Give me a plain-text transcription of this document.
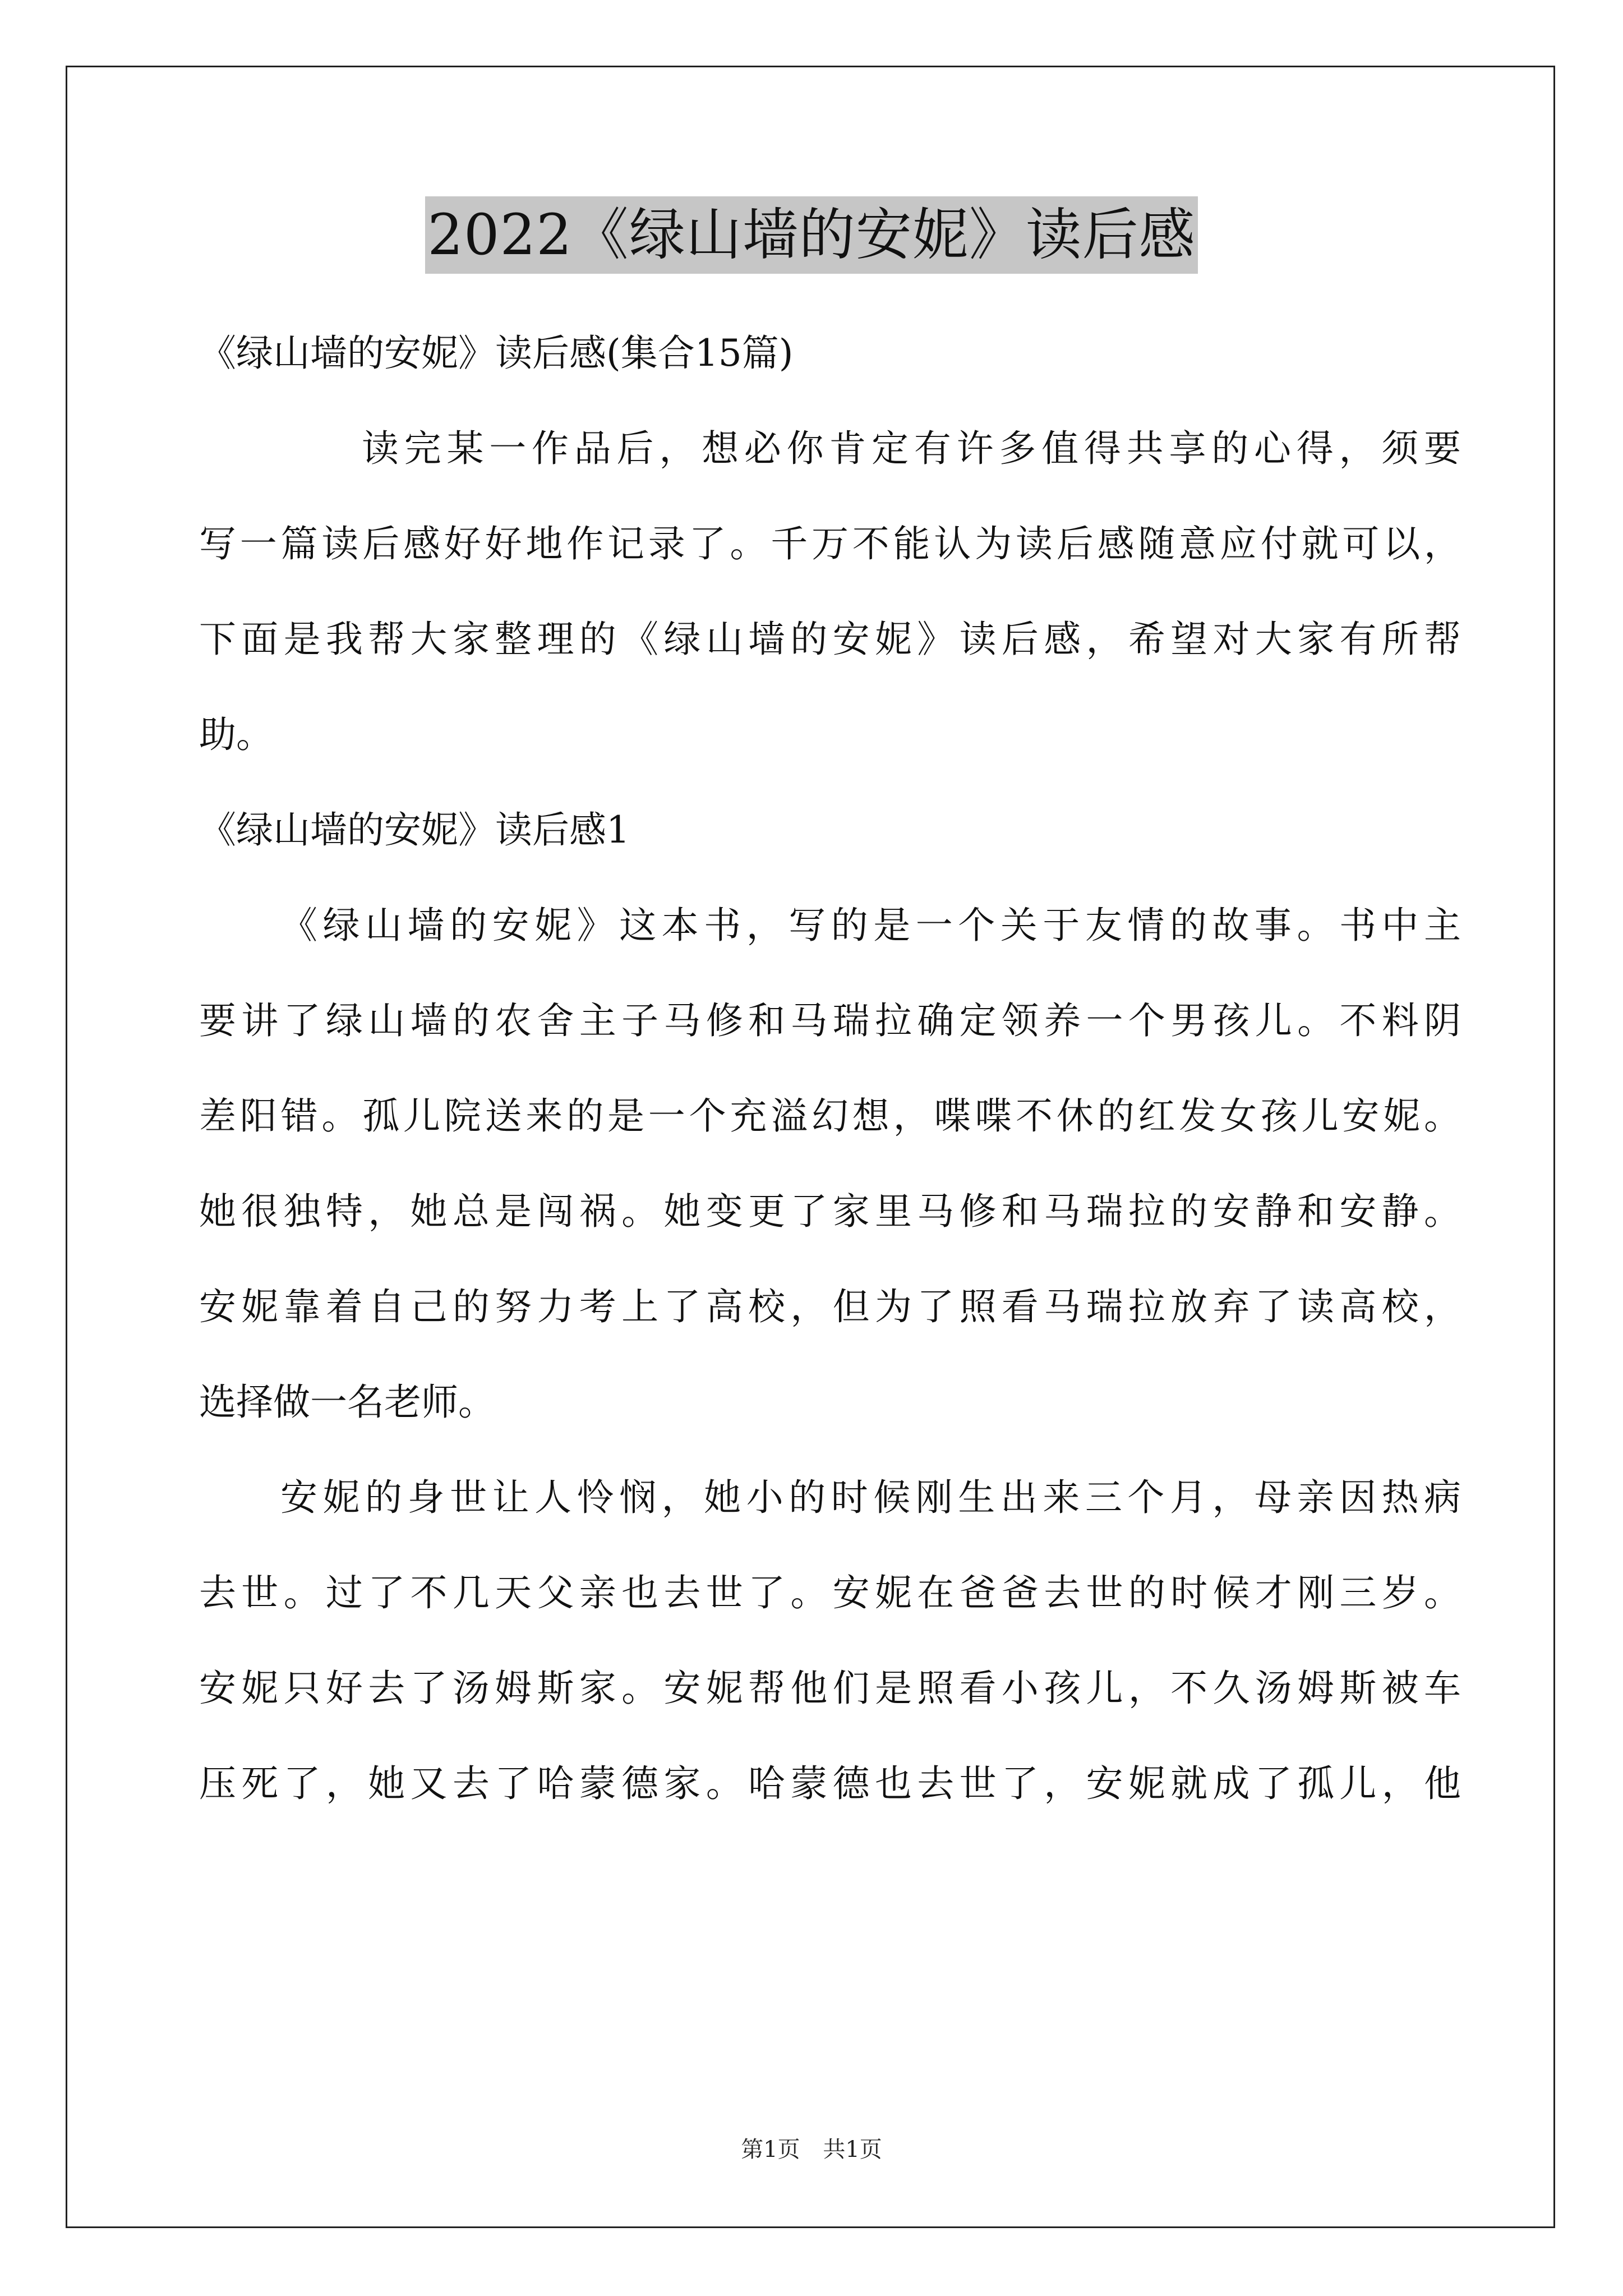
2022《绿山墙的安妮》读后感
《绿山墙的安妮》读后感(集合15篇)
读完某一作品后，想必你肯定有许多值得共享的心得，须要
写一篇读后感好好地作记录了。千万不能认为读后感随意应付就可以，
下面是我帮大家整理的《绿山墙的安妮》读后感，希望对大家有所帮
助。
《绿山墙的安妮》读后感1
《绿山墙的安妮》这本书，写的是一个关于友情的故事。书中主
要讲了绿山墙的农舍主子马修和马瑞拉确定领养一个男孩儿。不料阴
差阳错。孤儿院送来的是一个充溢幻想，喋喋不休的红发女孩儿安妮。
她很独特，她总是闯祸。她变更了家里马修和马瑞拉的安静和安静。
安妮靠着自己的努力考上了高校，但为了照看马瑞拉放弃了读高校，
选择做一名老师。
安妮的身世让人怜悯，她小的时候刚生出来三个月，母亲因热病
去世。过了不几天父亲也去世了。安妮在爸爸去世的时候才刚三岁。
安妮只好去了汤姆斯家。安妮帮他们是照看小孩儿，不久汤姆斯被车
压死了，她又去了哈蒙德家。哈蒙德也去世了，安妮就成了孤儿，他
第1页 共1页
